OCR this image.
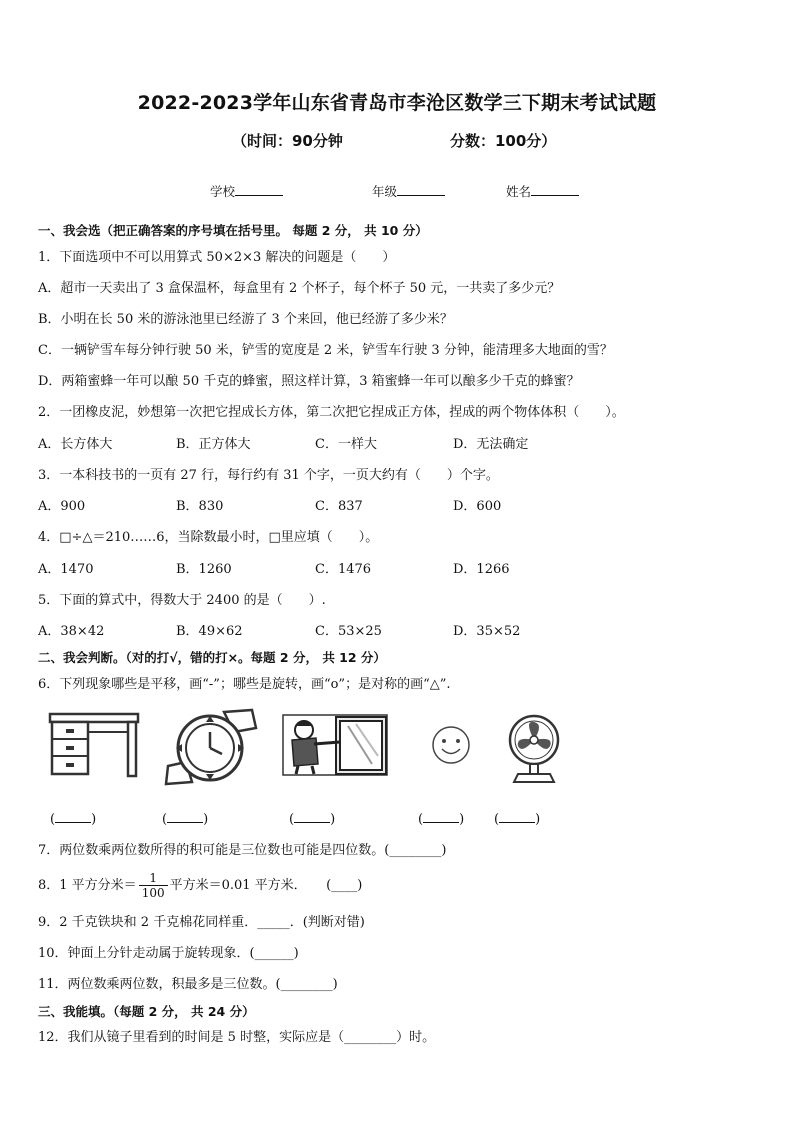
2022-2023学年山东省青岛市李沧区数学三下期末考试试题
（时间：90分钟	分数：100分）
学校	年级	姓名
一、我会选（把正确答案的序号填在括号里。 每题 2 分， 共 10 分）
1．下面选项中不可以用算式 50×2×3 解决的问题是（　　）
A．超市一天卖出了 3 盒保温杯，每盒里有 2 个杯子，每个杯子 50 元，一共卖了多少元？
B．小明在长 50 米的游泳池里已经游了 3 个来回，他已经游了多少米？
C．一辆铲雪车每分钟行驶 50 米，铲雪的宽度是 2 米，铲雪车行驶 3 分钟，能清理多大地面的雪？
D．两箱蜜蜂一年可以酿 50 千克的蜂蜜，照这样计算，3 箱蜜蜂一年可以酿多少千克的蜂蜜？
2．一团橡皮泥，妙想第一次把它捏成长方体，第二次把它捏成正方体，捏成的两个物体体积（　　）。
A．长方体大	B．正方体大	C．一样大	D．无法确定
3．一本科技书的一页有 27 行，每行约有 31 个字，一页大约有（　　）个字。
A．900	B．830	C．837	D．600
4．□÷△＝210……6，当除数最小时，□里应填（　　）。
A．1470	B．1260	C．1476	D．1266
5．下面的算式中，得数大于 2400 的是（　　）.
A．38×42	B．49×62	C．53×25	D．35×52
二、我会判断。（对的打√，错的打×。每题 2 分， 共 12 分）
6．下列现象哪些是平移，画“-”；哪些是旋转，画“o”；是对称的画“△”.
(	)	(	)	(	)	(	) (	)
7．两位数乘两位数所得的积可能是三位数也可能是四位数。(________)
8．1 平方分米＝ $\frac{1}{100}$ 平方米＝0.01 平方米．　　(____)
9．2 千克铁块和 2 千克棉花同样重．_____．(判断对错)
10．钟面上分针走动属于旋转现象．(______)
11．两位数乘两位数，积最多是三位数。(________)
三、我能填。（每题 2 分， 共 24 分）
12．我们从镜子里看到的时间是 5 时整，实际应是（________）时。
